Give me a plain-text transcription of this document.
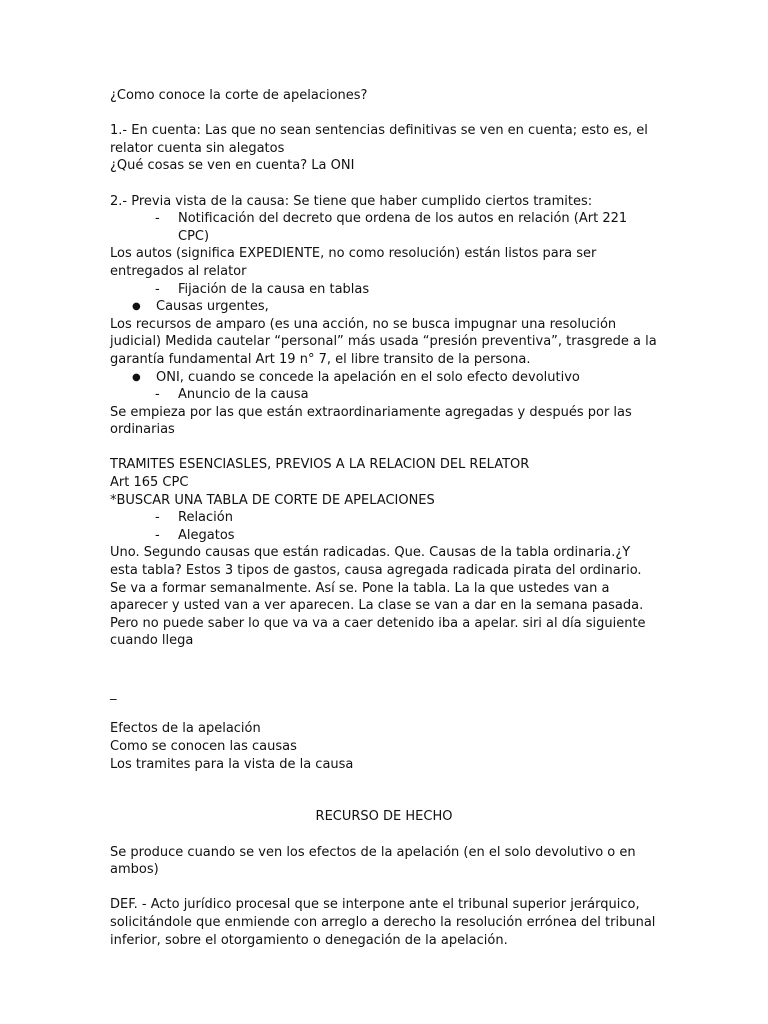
¿Como conoce la corte de apelaciones?

1.- En cuenta: Las que no sean sentencias definitivas se ven en cuenta; esto es, el relator cuenta sin alegatos

¿Qué cosas se ven en cuenta? La ONI

2.- Previa vista de la causa: Se tiene que haber cumplido ciertos tramites:

- Notificación del decreto que ordena de los autos en relación (Art 221 CPC)

Los autos (significa EXPEDIENTE, no como resolución) están listos para ser entregados al relator

- Fijación de la causa en tablas

● Causas urgentes,

Los recursos de amparo (es una acción, no se busca impugnar una resolución judicial) Medida cautelar “personal” más usada “presión preventiva”, trasgrede a la garantía fundamental Art 19 n° 7, el libre transito de la persona.

● ONI, cuando se concede la apelación en el solo efecto devolutivo

- Anuncio de la causa

Se empieza por las que están extraordinariamente agregadas y después por las ordinarias

TRAMITES ESENCIASLES, PREVIOS A LA RELACION DEL RELATOR

Art 165 CPC

*BUSCAR UNA TABLA DE CORTE DE APELACIONES

- Relación

- Alegatos

Uno. Segundo causas que están radicadas. Que. Causas de la tabla ordinaria.¿Y esta tabla? Estos 3 tipos de gastos, causa agregada radicada pirata del ordinario. Se va a formar semanalmente. Así se. Pone la tabla. La la que ustedes van a aparecer y usted van a ver aparecen. La clase se van a dar en la semana pasada. Pero no puede saber lo que va va a caer detenido iba a apelar. siri al día siguiente cuando llega

_

Efectos de la apelación

Como se conocen las causas

Los tramites para la vista de la causa

RECURSO DE HECHO

Se produce cuando se ven los efectos de la apelación (en el solo devolutivo o en ambos)

DEF. - Acto jurídico procesal que se interpone ante el tribunal superior jerárquico, solicitándole que enmiende con arreglo a derecho la resolución errónea del tribunal inferior, sobre el otorgamiento o denegación de la apelación.
